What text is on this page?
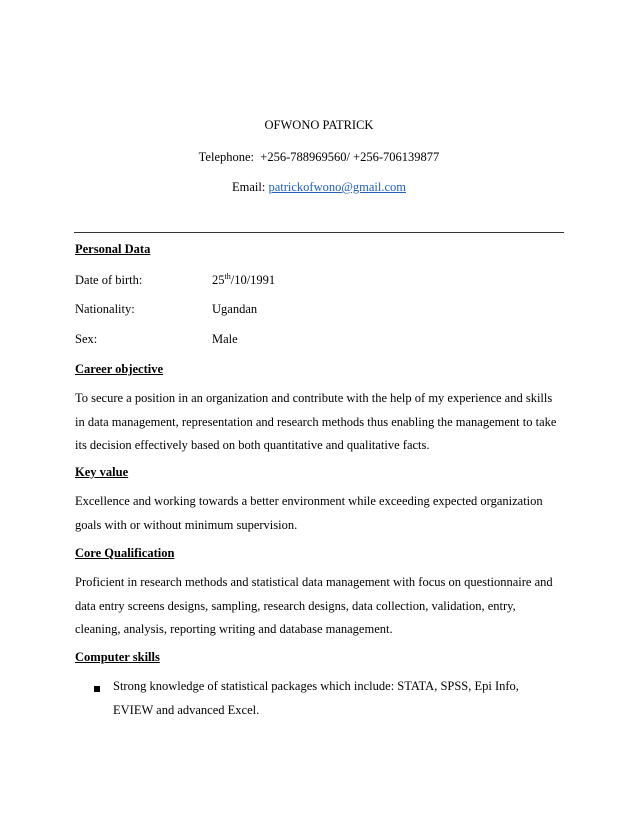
OFWONO PATRICK
Telephone: +256-788969560/ +256-706139877
Email: patrickofwono@gmail.com
Personal Data
Date of birth:	25th/10/1991
Nationality:	Ugandan
Sex:	Male
Career objective
To secure a position in an organization and contribute with the help of my experience and skills
in data management, representation and research methods thus enabling the management to take
its decision effectively based on both quantitative and qualitative facts.
Key value
Excellence and working towards a better environment while exceeding expected organization
goals with or without minimum supervision.
Core Qualification
Proficient in research methods and statistical data management with focus on questionnaire and
data entry screens designs, sampling, research designs, data collection, validation, entry,
cleaning, analysis, reporting writing and database management.
Computer skills
Strong knowledge of statistical packages which include: STATA, SPSS, Epi Info,
EVIEW and advanced Excel.
